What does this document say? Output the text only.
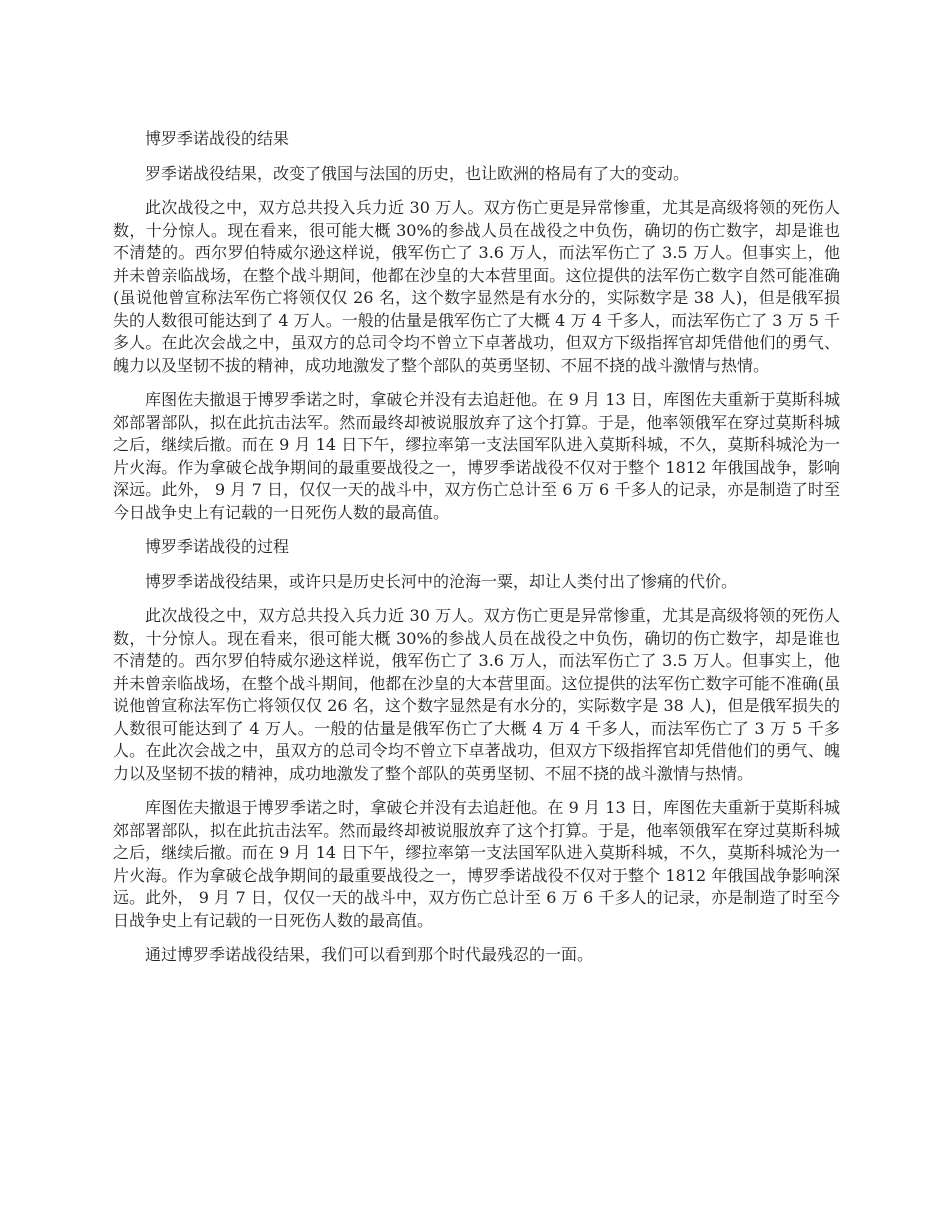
博罗季诺战役的结果

罗季诺战役结果，改变了俄国与法国的历史，也让欧洲的格局有了大的变动。

此次战役之中，双方总共投入兵力近 30 万人。双方伤亡更是异常惨重，尤其是高级将领的死伤人数，十分惊人。现在看来，很可能大概 30%的参战人员在战役之中负伤，确切的伤亡数字，却是谁也不清楚的。西尔罗伯特威尔逊这样说，俄军伤亡了 3.6 万人，而法军伤亡了 3.5 万人。但事实上，他并未曾亲临战场，在整个战斗期间，他都在沙皇的大本营里面。这位提供的法军伤亡数字自然可能准确(虽说他曾宣称法军伤亡将领仅仅 26 名，这个数字显然是有水分的，实际数字是 38 人)，但是俄军损失的人数很可能达到了 4 万人。一般的估量是俄军伤亡了大概 4 万 4 千多人，而法军伤亡了 3 万 5 千多人。在此次会战之中，虽双方的总司令均不曾立下卓著战功，但双方下级指挥官却凭借他们的勇气、魄力以及坚韧不拔的精神，成功地激发了整个部队的英勇坚韧、不屈不挠的战斗激情与热情。

库图佐夫撤退于博罗季诺之时，拿破仑并没有去追赶他。在 9 月 13 日，库图佐夫重新于莫斯科城郊部署部队，拟在此抗击法军。然而最终却被说服放弃了这个打算。于是，他率领俄军在穿过莫斯科城之后，继续后撤。而在 9 月 14 日下午，缪拉率第一支法国军队进入莫斯科城，不久，莫斯科城沦为一片火海。作为拿破仑战争期间的最重要战役之一，博罗季诺战役不仅对于整个 1812 年俄国战争，影响深远。此外， 9 月 7 日，仅仅一天的战斗中，双方伤亡总计至 6 万 6 千多人的记录，亦是制造了时至今日战争史上有记载的一日死伤人数的最高值。

博罗季诺战役的过程

博罗季诺战役结果，或许只是历史长河中的沧海一粟，却让人类付出了惨痛的代价。

此次战役之中，双方总共投入兵力近 30 万人。双方伤亡更是异常惨重，尤其是高级将领的死伤人数，十分惊人。现在看来，很可能大概 30%的参战人员在战役之中负伤，确切的伤亡数字，却是谁也不清楚的。西尔罗伯特威尔逊这样说，俄军伤亡了 3.6 万人，而法军伤亡了 3.5 万人。但事实上，他并未曾亲临战场，在整个战斗期间，他都在沙皇的大本营里面。这位提供的法军伤亡数字可能不准确(虽说他曾宣称法军伤亡将领仅仅 26 名，这个数字显然是有水分的，实际数字是 38 人)，但是俄军损失的人数很可能达到了 4 万人。一般的估量是俄军伤亡了大概 4 万 4 千多人，而法军伤亡了 3 万 5 千多人。在此次会战之中，虽双方的总司令均不曾立下卓著战功，但双方下级指挥官却凭借他们的勇气、魄力以及坚韧不拔的精神，成功地激发了整个部队的英勇坚韧、不屈不挠的战斗激情与热情。

库图佐夫撤退于博罗季诺之时，拿破仑并没有去追赶他。在 9 月 13 日，库图佐夫重新于莫斯科城郊部署部队，拟在此抗击法军。然而最终却被说服放弃了这个打算。于是，他率领俄军在穿过莫斯科城之后，继续后撤。而在 9 月 14 日下午，缪拉率第一支法国军队进入莫斯科城，不久，莫斯科城沦为一片火海。作为拿破仑战争期间的最重要战役之一，博罗季诺战役不仅对于整个 1812 年俄国战争影响深远。此外， 9 月 7 日，仅仅一天的战斗中，双方伤亡总计至 6 万 6 千多人的记录，亦是制造了时至今日战争史上有记载的一日死伤人数的最高值。

通过博罗季诺战役结果，我们可以看到那个时代最残忍的一面。
